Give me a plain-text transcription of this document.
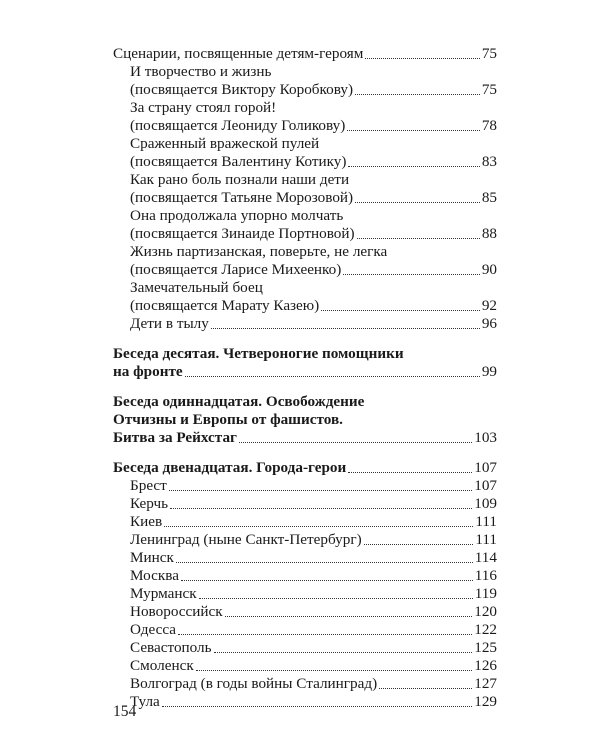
Сценарии, посвященные детям-героям	75
И творчество и жизнь
(посвящается Виктору Коробкову)	75
За страну стоял горой!
(посвящается Леониду Голикову)	78
Сраженный вражеской пулей
(посвящается Валентину Котику)	83
Как рано боль познали наши дети
(посвящается Татьяне Морозовой)	85
Она продолжала упорно молчать
(посвящается Зинаиде Портновой)	88
Жизнь партизанская, поверьте, не легка
(посвящается Ларисе Михеенко)	90
Замечательный боец
(посвящается Марату Казею)	92
Дети в тылу	96
Беседа десятая. Четвероногие помощники
на фронте	99
Беседа одиннадцатая. Освобождение
Отчизны и Европы от фашистов.
Битва за Рейхстаг	103
Беседа двенадцатая. Города-герои	107
Брест	107
Керчь	109
Киев	111
Ленинград (ныне Санкт-Петербург)	111
Минск	114
Москва	116
Мурманск	119
Новороссийск	120
Одесса	122
Севастополь	125
Смоленск	126
Волгоград (в годы войны Сталинград)	127
Тула	129
154
